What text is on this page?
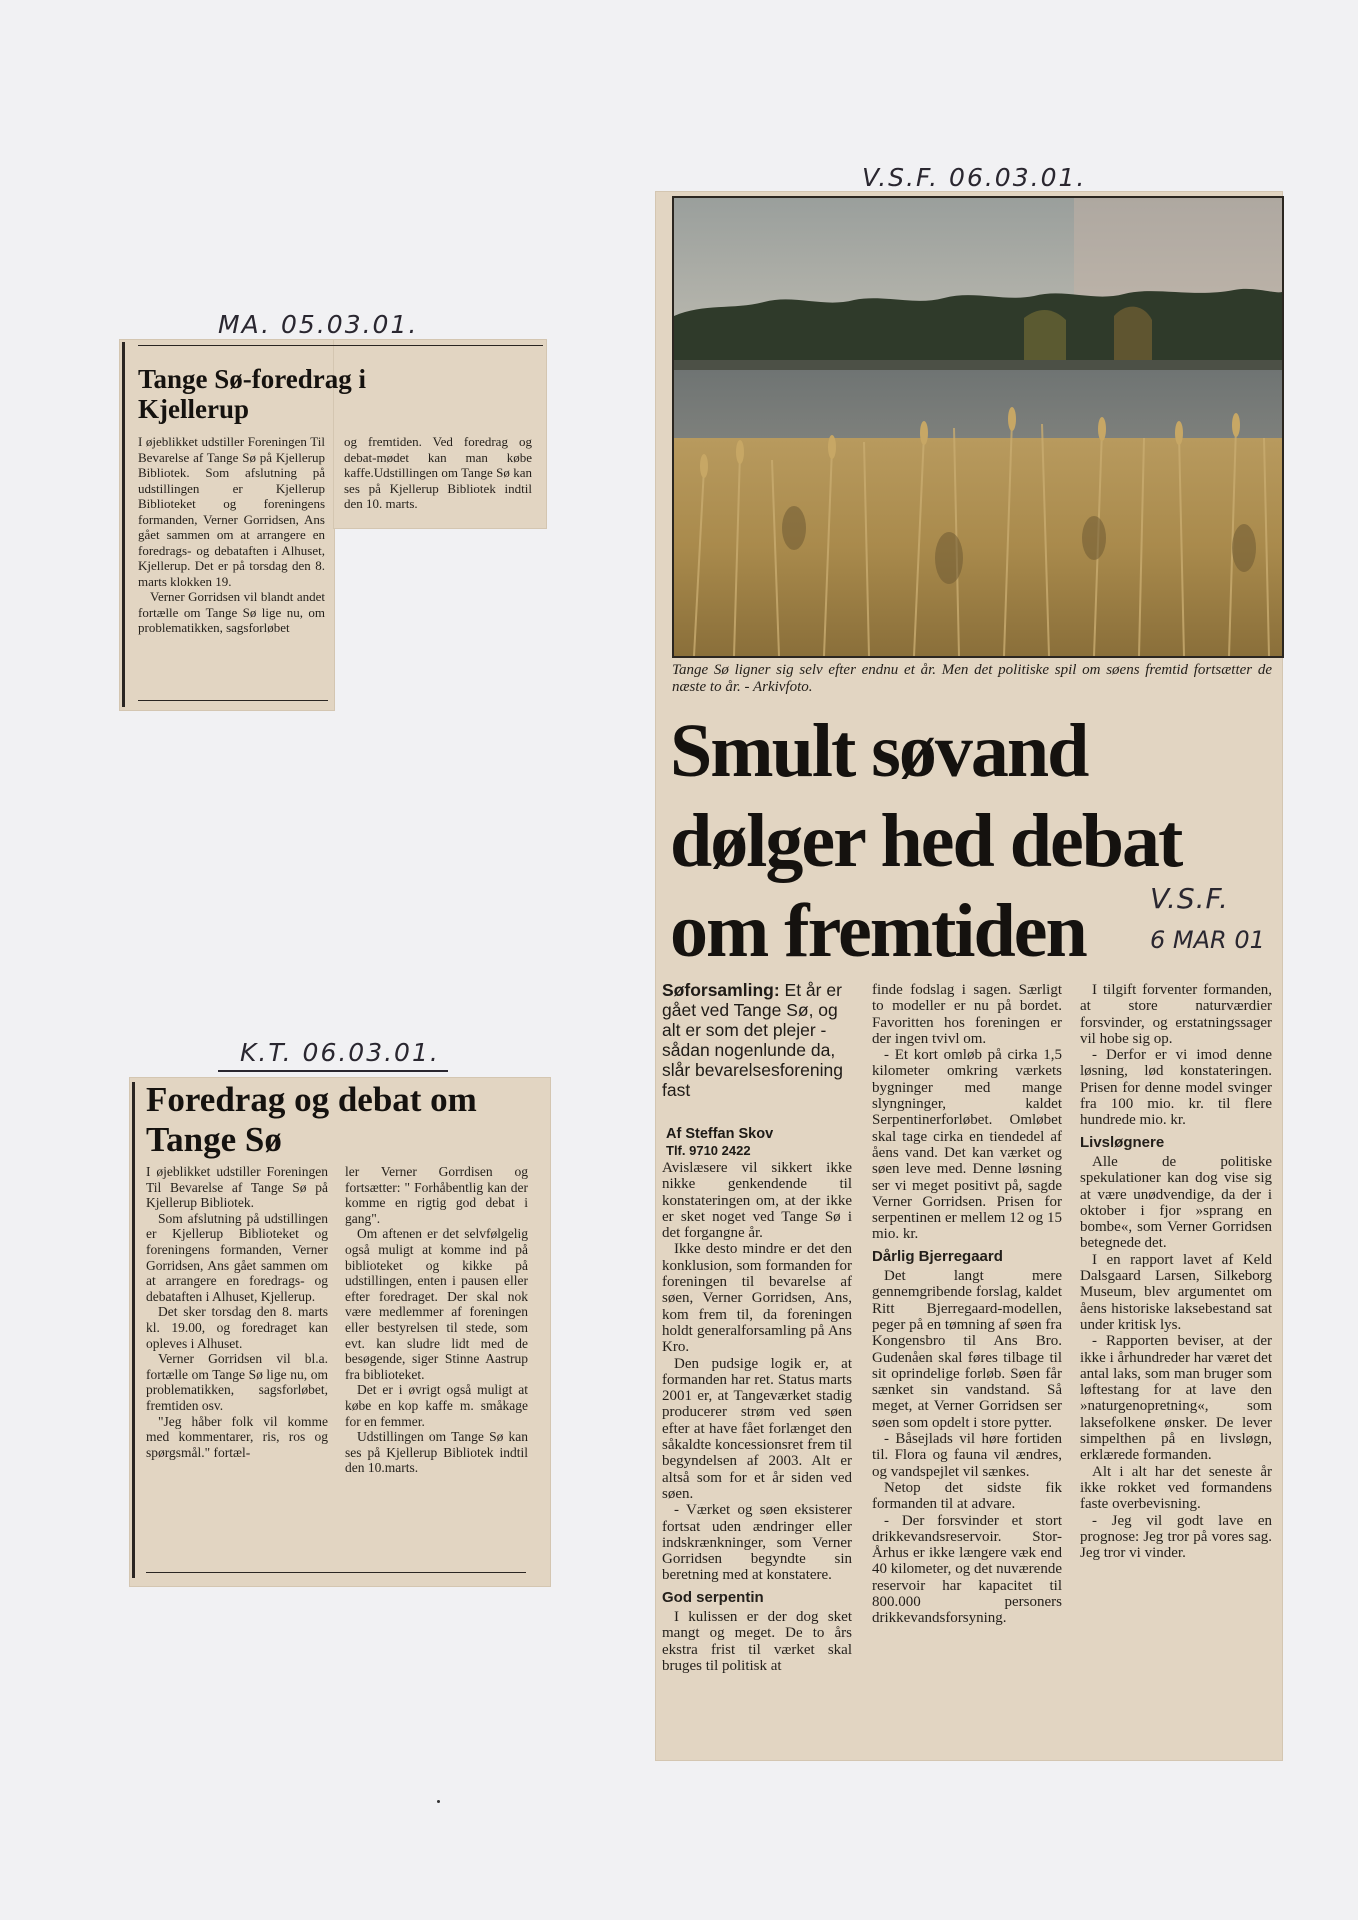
MA. 05.03.01.
K.T. 06.03.01.
V.S.F. 06.03.01.
Tange Sø-foredrag i Kjellerup

I øjeblikket udstiller Foreningen Til Bevarelse af Tange Sø på Kjellerup Bibliotek. Som afslutning på udstillingen er Kjellerup Biblioteket og foreningens formanden, Verner Gorridsen, Ans gået sammen om at arrangere en foredrags- og debataften i Alhuset, Kjellerup. Det er på torsdag den 8. marts klokken 19.

Verner Gorridsen vil blandt andet fortælle om Tange Sø lige nu, om problematikken, sagsforløbet

og fremtiden. Ved foredrag og debat-mødet kan man købe kaffe.Udstillingen om Tange Sø kan ses på Kjellerup Bibliotek indtil den 10. marts.

Foredrag og debat om Tange Sø

I øjeblikket udstiller Foreningen Til Bevarelse af Tange Sø på Kjellerup Bibliotek.

Som afslutning på udstillingen er Kjellerup Biblioteket og foreningens formanden, Verner Gorridsen, Ans gået sammen om at arrangere en foredrags- og debataften i Alhuset, Kjellerup.

Det sker torsdag den 8. marts kl. 19.00, og foredraget kan opleves i Alhuset.

Verner Gorridsen vil bl.a. fortælle om Tange Sø lige nu, om problematikken, sagsforløbet, fremtiden osv.

"Jeg håber folk vil komme med kommentarer, ris, ros og spørgsmål." fortæl-

ler Verner Gorrdisen og fortsætter: " Forhåbentlig kan der komme en rigtig god debat i gang".

Om aftenen er det selvfølgelig også muligt at komme ind på biblioteket og kikke på udstillingen, enten i pausen eller efter foredraget. Der skal nok være medlemmer af foreningen eller bestyrelsen til stede, som evt. kan sludre lidt med de besøgende, siger Stinne Aastrup fra biblioteket.

Det er i øvrigt også muligt at købe en kop kaffe m. småkage for en femmer.

Udstillingen om Tange Sø kan ses på Kjellerup Bibliotek indtil den 10.marts.

Tange Sø ligner sig selv efter endnu et år. Men det politiske spil om søens fremtid fortsætter de næste to år. - Arkivfoto.
Smult søvand
dølger hed debat
om fremtiden V.S.F.
6 MAR 01
Søforsamling: Et år er gået ved Tange Sø, og alt er som det plejer - sådan nogenlunde da, slår bevarelsesforening fast
Af Steffan Skov
Tlf. 9710 2422

Avislæsere vil sikkert ikke nikke genkendende til konstateringen om, at der ikke er sket noget ved Tange Sø i det forgangne år.

Ikke desto mindre er det den konklusion, som formanden for foreningen til bevarelse af søen, Verner Gorridsen, Ans, kom frem til, da foreningen holdt generalforsamling på Ans Kro.

Den pudsige logik er, at formanden har ret. Status marts 2001 er, at Tangeværket stadig producerer strøm ved søen efter at have fået forlænget den såkaldte koncessionsret frem til begyndelsen af 2003. Alt er altså som for et år siden ved søen.

- Værket og søen eksisterer fortsat uden ændringer eller indskrænkninger, som Verner Gorridsen begyndte sin beretning med at konstatere.

God serpentin

I kulissen er der dog sket mangt og meget. De to års ekstra frist til værket skal bruges til politisk at

finde fodslag i sagen. Særligt to modeller er nu på bordet. Favoritten hos foreningen er der ingen tvivl om.

- Et kort omløb på cirka 1,5 kilometer omkring værkets bygninger med mange slyngninger, kaldet Serpentinerforløbet. Omløbet skal tage cirka en tiendedel af åens vand. Det kan værket og søen leve med. Denne løsning ser vi meget positivt på, sagde Verner Gorridsen. Prisen for serpentinen er mellem 12 og 15 mio. kr.

Dårlig Bjerregaard

Det langt mere gennemgribende forslag, kaldet Ritt Bjerregaard-modellen, peger på en tømning af søen fra Kongensbro til Ans Bro. Gudenåen skal føres tilbage til sit oprindelige forløb. Søen får sænket sin vandstand. Så meget, at Verner Gorridsen ser søen som opdelt i store pytter.

- Båsejlads vil høre fortiden til. Flora og fauna vil ændres, og vandspejlet vil sænkes.

Netop det sidste fik formanden til at advare.

- Der forsvinder et stort drikkevandsreservoir. Stor-Århus er ikke længere væk end 40 kilometer, og det nuværende reservoir har kapacitet til 800.000 personers drikkevandsforsyning.

I tilgift forventer formanden, at store naturværdier forsvinder, og erstatningssager vil hobe sig op.

- Derfor er vi imod denne løsning, lød konstateringen. Prisen for denne model svinger fra 100 mio. kr. til flere hundrede mio. kr.

Livsløgnere

Alle de politiske spekulationer kan dog vise sig at være unødvendige, da der i oktober i fjor »sprang en bombe«, som Verner Gorridsen betegnede det.

I en rapport lavet af Keld Dalsgaard Larsen, Silkeborg Museum, blev argumentet om åens historiske laksebestand sat under kritisk lys.

- Rapporten beviser, at der ikke i århundreder har været det antal laks, som man bruger som løftestang for at lave den »naturgenopretning«, som laksefolkene ønsker. De lever simpelthen på en livsløgn, erklærede formanden.

Alt i alt har det seneste år ikke rokket ved formandens faste overbevisning.

- Jeg vil godt lave en prognose: Jeg tror på vores sag. Jeg tror vi vinder.
